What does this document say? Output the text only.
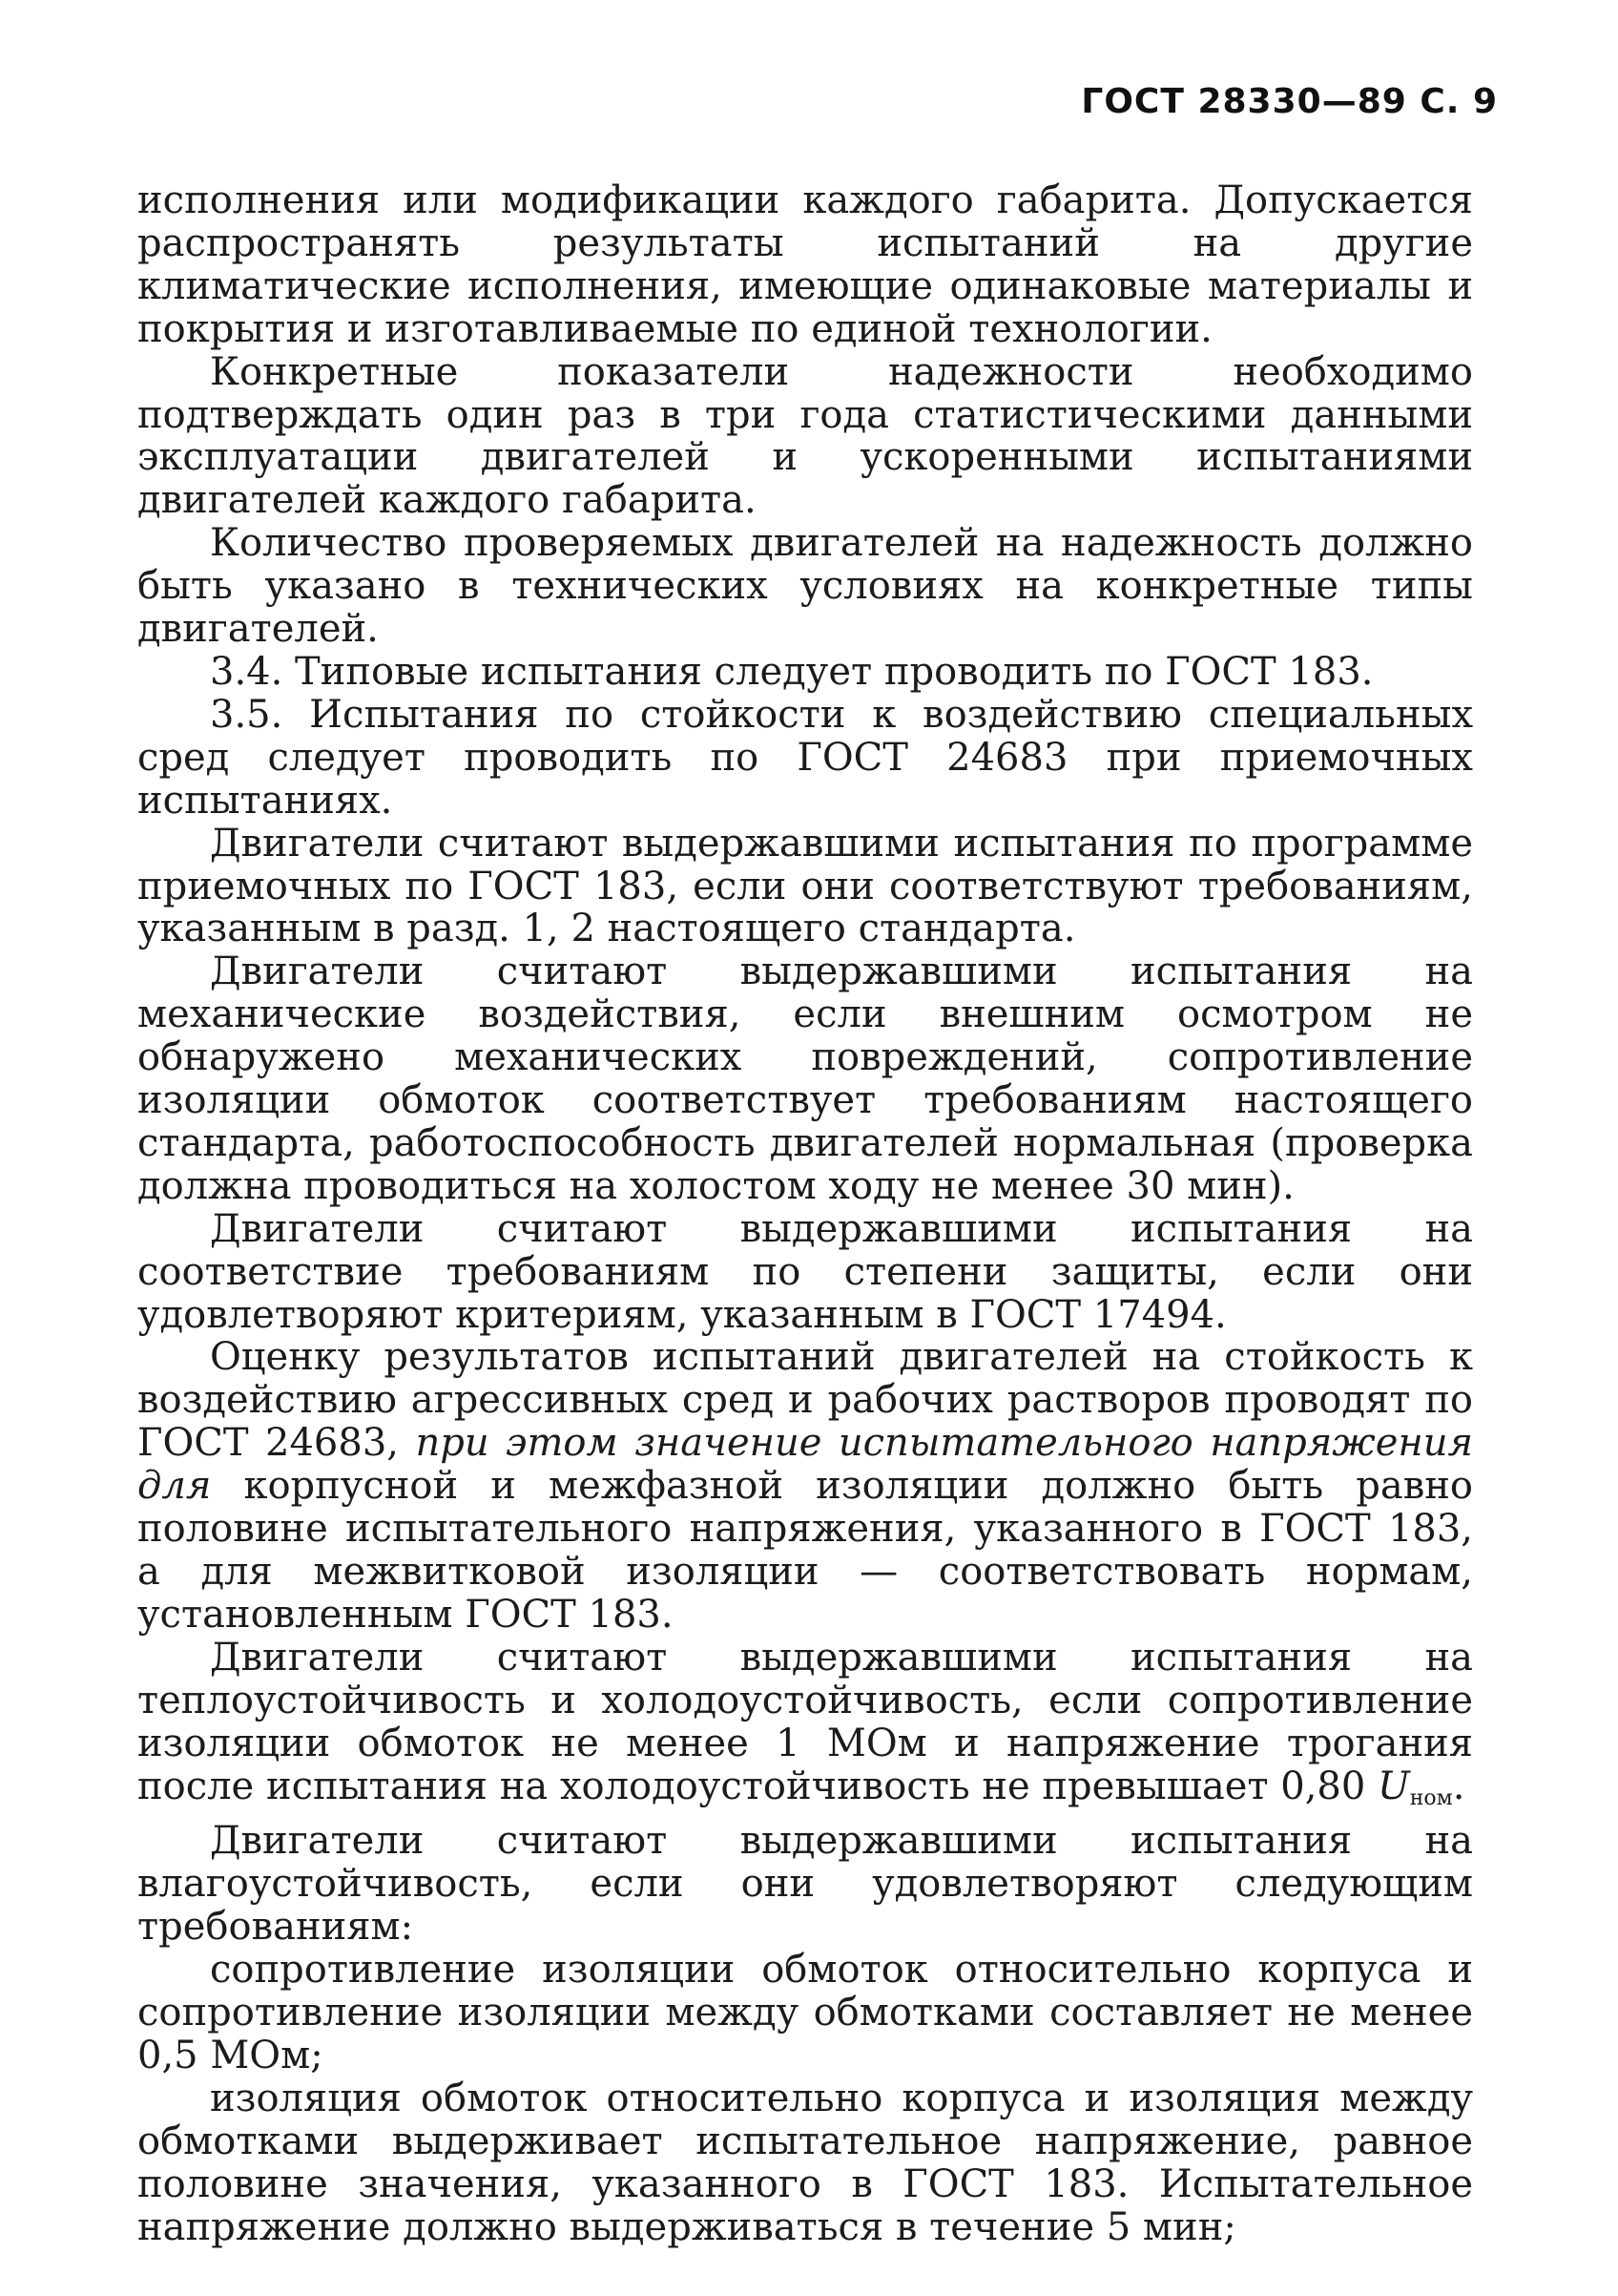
ГОСТ 28330—89 С. 9

исполнения или модификации каждого габарита. Допускается распространять результаты испытаний на другие климатические исполнения, имеющие одинаковые материалы и покрытия и изготавливаемые по единой технологии.

Конкретные показатели надежности необходимо подтверждать один раз в три года статистическими данными эксплуатации двигателей и ускоренными испытаниями двигателей каждого габарита.

Количество проверяемых двигателей на надежность должно быть указано в технических условиях на конкретные типы двигателей.

3.4. Типовые испытания следует проводить по ГОСТ 183.

3.5. Испытания по стойкости к воздействию специальных сред следует проводить по ГОСТ 24683 при приемочных испытаниях.

Двигатели считают выдержавшими испытания по программе приемочных по ГОСТ 183, если они соответствуют требованиям, указанным в разд. 1, 2 настоящего стандарта.

Двигатели считают выдержавшими испытания на механические воздействия, если внешним осмотром не обнаружено механических повреждений, сопротивление изоляции обмоток соответствует требованиям настоящего стандарта, работоспособность двигателей нормальная (проверка должна проводиться на холостом ходу не менее 30 мин).

Двигатели считают выдержавшими испытания на соответствие требованиям по степени защиты, если они удовлетворяют критериям, указанным в ГОСТ 17494.

Оценку результатов испытаний двигателей на стойкость к воздействию агрессивных сред и рабочих растворов проводят по ГОСТ 24683, при этом значение испытательного напряжения для корпусной и межфазной изоляции должно быть равно половине испытательного напряжения, указанного в ГОСТ 183, а для межвитковой изоляции — соответствовать нормам, установленным ГОСТ 183.

Двигатели считают выдержавшими испытания на теплоустойчивость и холодоустойчивость, если сопротивление изоляции обмоток не менее 1 МОм и напряжение трогания после испытания на холодоустойчивость не превышает 0,80 $U_{ном}$.

Двигатели считают выдержавшими испытания на влагоустойчивость, если они удовлетворяют следующим требованиям:

сопротивление изоляции обмоток относительно корпуса и сопротивление изоляции между обмотками составляет не менее 0,5 МОм;

изоляция обмоток относительно корпуса и изоляция между обмотками выдерживает испытательное напряжение, равное половине значения, указанного в ГОСТ 183. Испытательное напряжение должно выдерживаться в течение 5 мин;
